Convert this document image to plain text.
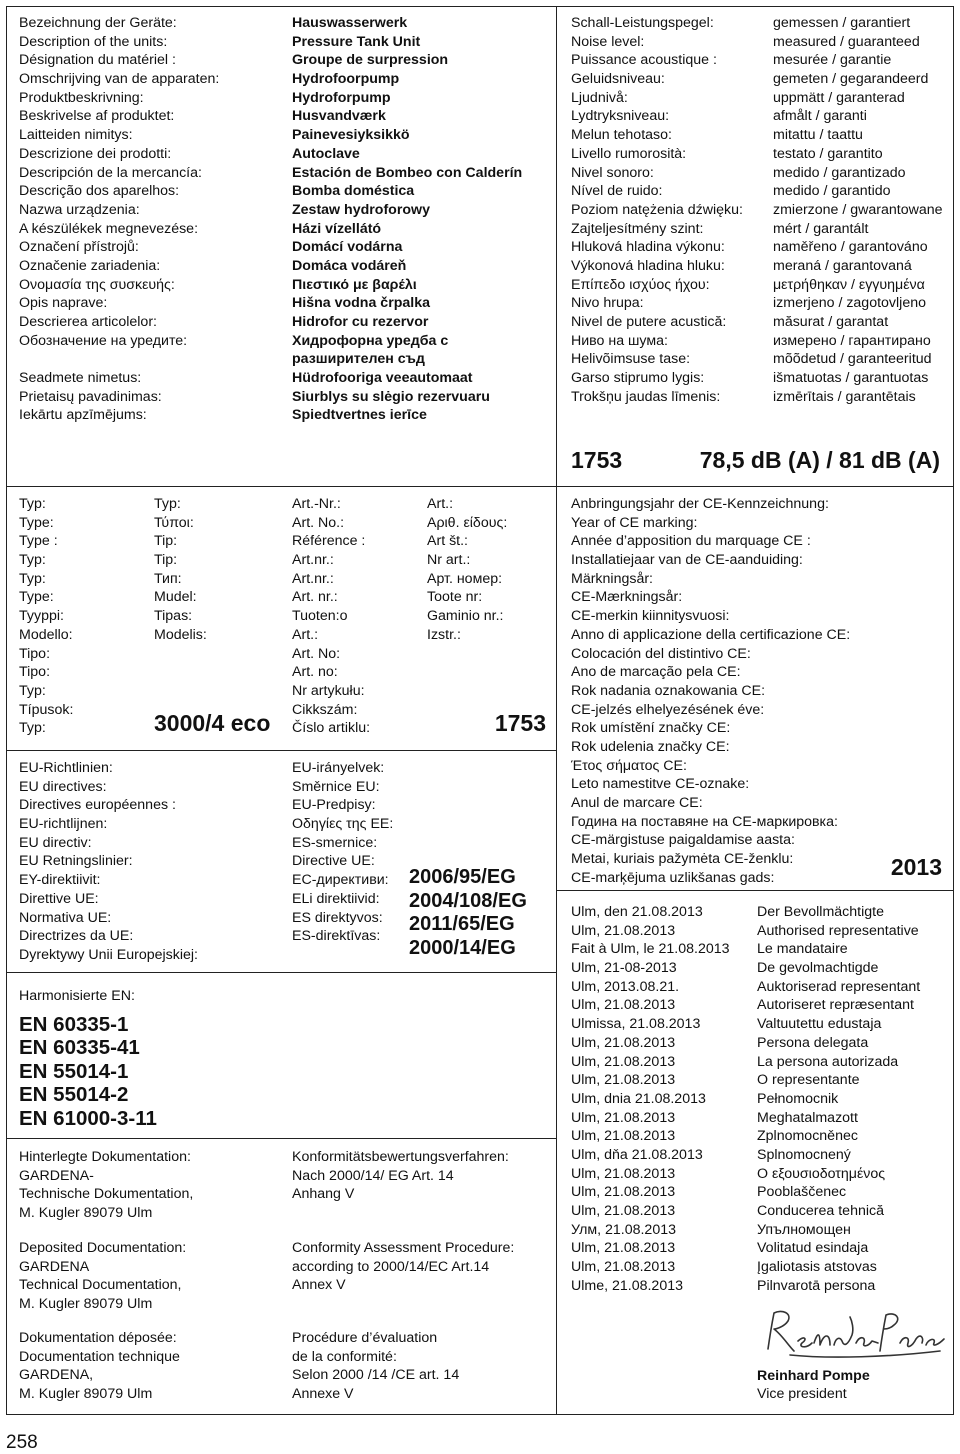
Bezeichnung der Geräte:
Description of the units:
Désignation du matériel :
Omschrijving van de apparaten:
Produktbeskrivning:
Beskrivelse af produktet:
Laitteiden nimitys:
Descrizione dei prodotti:
Descripción de la mercancía:
Descrição dos aparelhos:
Nazwa urządzenia:
A készülékek megnevezése:
Označení přístrojů:
Označenie zariadenia:
Ονομασία της συσκευής:
Opis naprave:
Descrierea articolelor:
Обозначение на уредите:
Seadmete nimetus:
Prietaisų pavadinimas:
Iekārtu apzīmējums:
Hauswasserwerk
Pressure Tank Unit
Groupe de surpression
Hydrofoorpump
Hydroforpump
Husvandværk
Painevesiyksikkö
Autoclave
Estación de Bombeo con Calderín
Bomba doméstica
Zestaw hydroforowy
Házi vízellátó
Domácí vodárna
Domáca vodáreň
Πιεστικό με βαρέλι
Hišna vodna črpalka
Hidrofor cu rezervor
Хидрофорна уредба с
разширителен съд
Hüdrofooriga veeautomaat
Siurblys su slėgio rezervuaru
Spiedtvertnes ierīce
Schall-Leistungspegel:
Noise level:
Puissance acoustique :
Geluidsniveau:
Ljudnivå:
Lydtryksniveau:
Melun tehotaso:
Livello rumorosità:
Nivel sonoro:
Nível de ruido:
Poziom natężenia dźwięku:
Zajteljesítmény szint:
Hluková hladina výkonu:
Výkonová hladina hluku:
Επίπεδο ισχύος ήχου:
Nivo hrupa:
Nivel de putere acustică:
Ниво на шума:
Helivõimsuse tase:
Garso stiprumo lygis:
Trokšņu jaudas līmenis:
gemessen / garantiert
measured / guaranteed
mesurée / garantie
gemeten / gegarandeerd
uppmätt / garanterad
afmålt / garanti
mitattu / taattu
testato / garantito
medido / garantizado
medido / garantido
zmierzone / gwarantowane
mért / garantált
naměřeno / garantováno
meraná / garantovaná
μετρήθηκαν / εγγυημένα
izmerjeno / zagotovljeno
măsurat / garantat
измерено / гарантирано
mõõdetud / garanteeritud
išmatuotas / garantuotas
izmērītais / garantētais
1753	78,5 dB (A) / 81 dB (A)
Typ:
Type:
Type :
Typ:
Typ:
Type:
Tyyppi:
Modello:
Tipo:
Tipo:
Typ:
Típusok:
Typ:
Typ:
Τύποι:
Tip:
Tip:
Тип:
Mudel:
Tipas:
Modelis:
3000/4 eco
Art.-Nr.:
Art. No.:
Référence :
Art.nr.:
Art.nr.:
Art. nr.:
Tuoten:o
Art.:
Art. No:
Art. no:
Nr artykułu:
Cikkszám:
Číslo artiklu:
Art.:
Αριθ. είδους:
Art št.:
Nr art.:
Арт. номер:
Toote nr:
Gaminio nr.:
Izstr.:
1753
Anbringungsjahr der CE-Kennzeichnung:
Year of CE marking:
Année d’apposition du marquage CE :
Installatiejaar van de CE-aanduiding:
Märkningsår:
CE-Mærkningsår:
CE-merkin kiinnitysvuosi:
Anno di applicazione della certificazione CE:
Colocación del distintivo CE:
Ano de marcação pela CE:
Rok nadania oznakowania CE:
CE-jelzés elhelyezésének éve:
Rok umístění značky CE:
Rok udelenia značky CE:
Έτος σήματος CE:
Leto namestitve CE-oznake:
Anul de marcare CE:
Година на поставяне на CE-маркировка:
CE-märgistuse paigaldamise aasta:
Metai, kuriais pažymėta CE-ženklu:
CE-marķējuma uzlikšanas gads:	2013
EU-Richtlinien:
EU directives:
Directives européennes :
EU-richtlijnen:
EU directiv:
EU Retningslinier:
EY-direktiivit:
Direttive UE:
Normativa UE:
Directrizes da UE:
Dyrektywy Unii Europejskiej:
EU-irányelvek:
Směrnice EU:
EU-Predpisy:
Οδηγίες της ΕΕ:
ES-smernice:
Directive UE:
ЕС-директиви:
ELi direktiivid:
ES direktyvos:
ES-direktīvas:
2006/95/EG
2004/108/EG
2011/65/EG
2000/14/EG
Harmonisierte EN:
EN 60335-1
EN 60335-41
EN 55014-1
EN 55014-2
EN 61000-3-11
Hinterlegte Dokumentation:
GARDENA-
Technische Dokumentation,
M. Kugler 89079 Ulm
Deposited Documentation:
GARDENA
Technical Documentation,
M. Kugler 89079 Ulm
Dokumentation déposée:
Documentation technique
GARDENA,
M. Kugler 89079 Ulm
Konformitätsbewertungsverfahren:
Nach 2000/14/ EG Art. 14
Anhang V
Conformity Assessment Procedure:
according to 2000/14/EC Art.14
Annex V
Procédure d’évaluation
de la conformité:
Selon 2000 /14 /CE art. 14
Annexe V
Ulm, den 21.08.2013
Ulm, 21.08.2013
Fait à Ulm, le 21.08.2013
Ulm, 21-08-2013
Ulm, 2013.08.21.
Ulm, 21.08.2013
Ulmissa, 21.08.2013
Ulm, 21.08.2013
Ulm, 21.08.2013
Ulm, 21.08.2013
Ulm, dnia 21.08.2013
Ulm, 21.08.2013
Ulm, 21.08.2013
Ulm, dňa 21.08.2013
Ulm, 21.08.2013
Ulm, 21.08.2013
Ulm, 21.08.2013
Улм, 21.08.2013
Ulm, 21.08.2013
Ulm, 21.08.2013
Ulme, 21.08.2013
Der Bevollmächtigte
Authorised representative
Le mandataire
De gevolmachtigde
Auktoriserad representant
Autoriseret repræsentant
Valtuutettu edustaja
Persona delegata
La persona autorizada
O representante
Pełnomocnik
Meghatalmazott
Zplnomocněnec
Splnomocnený
Ο εξουσιοδοτημένος
Pooblaščenec
Conducerea tehnică
Упълномощен
Volitatud esindaja
Įgaliotasis atstovas
Pilnvarotā persona
Reinhard Pompe
Vice president
258
